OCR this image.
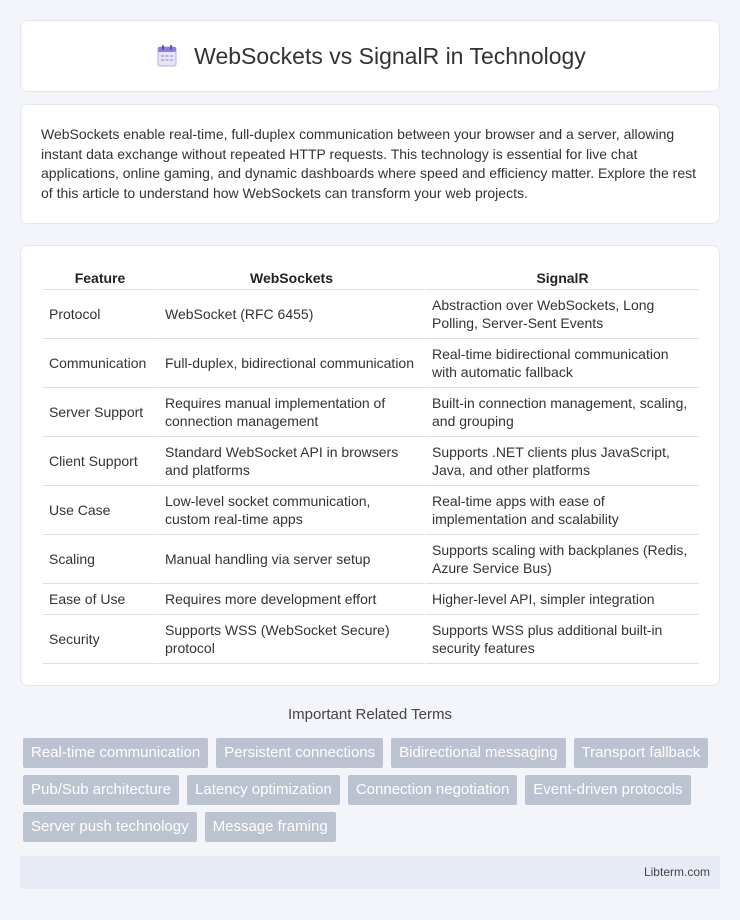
WebSockets vs SignalR in Technology

WebSockets enable real-time, full-duplex communication between your browser and a server, allowing instant data exchange without repeated HTTP requests. This technology is essential for live chat applications, online gaming, and dynamic dashboards where speed and efficiency matter. Explore the rest of this article to understand how WebSockets can transform your web projects.

Feature	WebSockets	SignalR
Protocol	WebSocket (RFC 6455)	Abstraction over WebSockets, Long Polling, Server-Sent Events
Communication	Full-duplex, bidirectional communication	Real-time bidirectional communication with automatic fallback
Server Support	Requires manual implementation of connection management	Built-in connection management, scaling, and grouping
Client Support	Standard WebSocket API in browsers and platforms	Supports .NET clients plus JavaScript, Java, and other platforms
Use Case	Low-level socket communication, custom real-time apps	Real-time apps with ease of implementation and scalability
Scaling	Manual handling via server setup	Supports scaling with backplanes (Redis, Azure Service Bus)
Ease of Use	Requires more development effort	Higher-level API, simpler integration
Security	Supports WSS (WebSocket Secure) protocol	Supports WSS plus additional built-in security features
Important Related Terms
Real-time communication	Persistent connections	Bidirectional messaging	Transport fallback
Pub/Sub architecture	Latency optimization	Connection negotiation	Event-driven protocols
Server push technology	Message framing
Libterm.com
